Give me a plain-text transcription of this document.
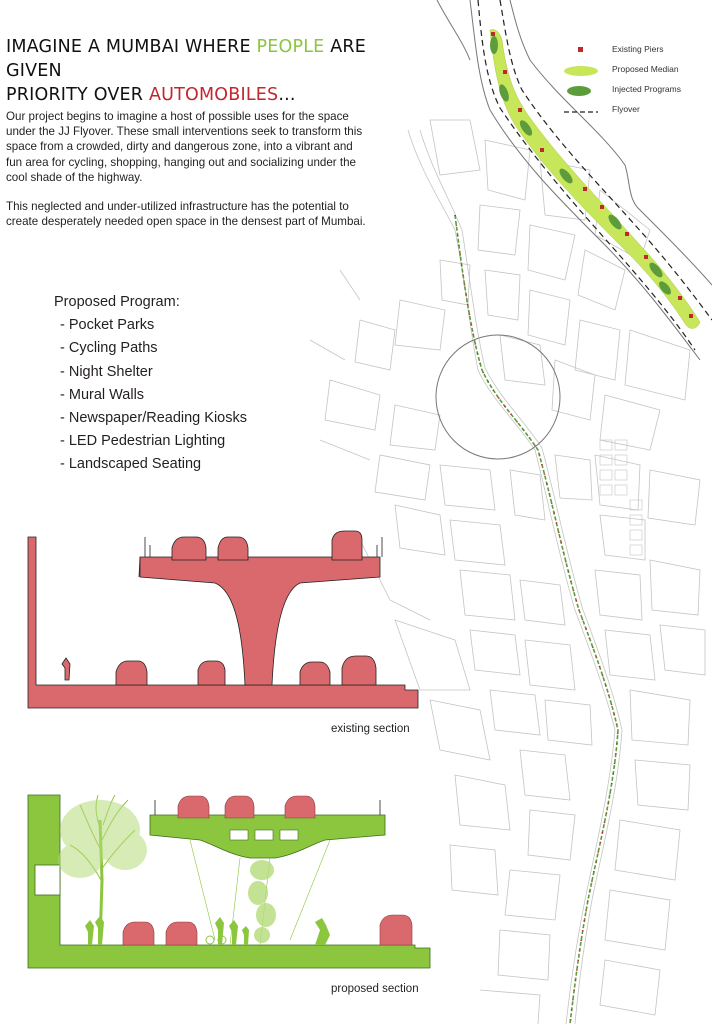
IMAGINE A MUMBAI WHERE PEOPLE ARE GIVEN
PRIORITY OVER AUTOMOBILES...

Our project begins to imagine a host of possible uses for the space under the JJ Flyover. These small interventions seek to transform this space from a crowded, dirty and dangerous zone, into a vibrant and fun area for cycling, shopping, hanging out and socializing under the cool shade of the highway.

This neglected and under-utilized infrastructure has the potential to create desperately needed open space in the densest part of Mumbai.

Proposed Program:
- Pocket Parks
- Cycling Paths
- Night Shelter
- Mural Walls
- Newspaper/Reading Kiosks
- LED Pedestrian Lighting
- Landscaped Seating
Existing Piers
Proposed Median
Injected Programs
Flyover
existing section
proposed section
